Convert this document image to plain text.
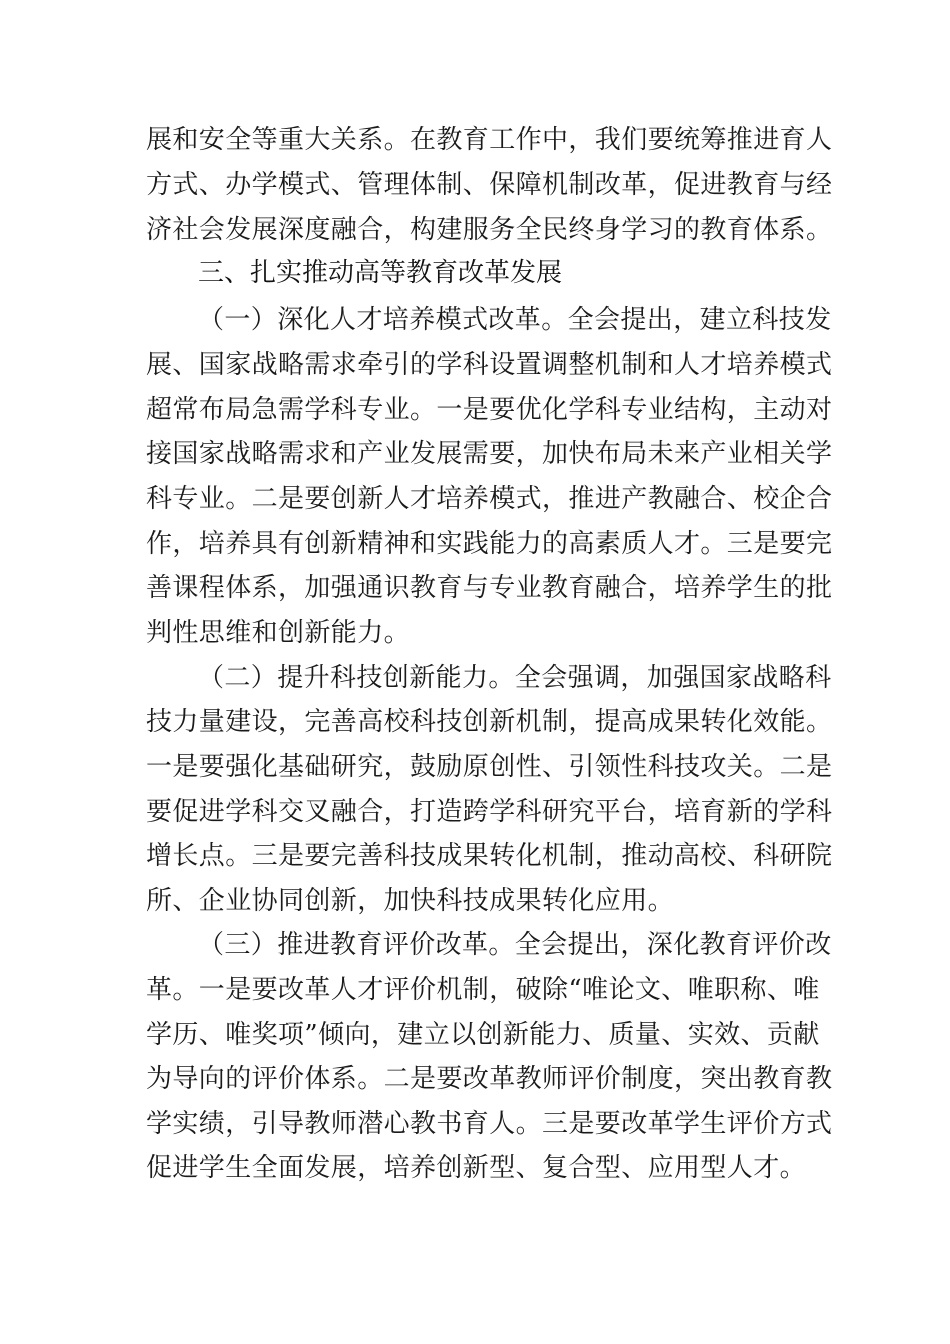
展和安全等重大关系。在教育工作中，我们要统筹推进育人
方式、办学模式、管理体制、保障机制改革，促进教育与经
济社会发展深度融合，构建服务全民终身学习的教育体系。
三、扎实推动高等教育改革发展
（一）深化人才培养模式改革。全会提出，建立科技发
展、国家战略需求牵引的学科设置调整机制和人才培养模式
超常布局急需学科专业。一是要优化学科专业结构，主动对
接国家战略需求和产业发展需要，加快布局未来产业相关学
科专业。二是要创新人才培养模式，推进产教融合、校企合
作，培养具有创新精神和实践能力的高素质人才。三是要完
善课程体系，加强通识教育与专业教育融合，培养学生的批
判性思维和创新能力。
（二）提升科技创新能力。全会强调，加强国家战略科
技力量建设，完善高校科技创新机制，提高成果转化效能。
一是要强化基础研究，鼓励原创性、引领性科技攻关。二是
要促进学科交叉融合，打造跨学科研究平台，培育新的学科
增长点。三是要完善科技成果转化机制，推动高校、科研院
所、企业协同创新，加快科技成果转化应用。
（三）推进教育评价改革。全会提出，深化教育评价改
革。一是要改革人才评价机制，破除“唯论文、唯职称、唯
学历、唯奖项”倾向，建立以创新能力、质量、实效、贡献
为导向的评价体系。二是要改革教师评价制度，突出教育教
学实绩，引导教师潜心教书育人。三是要改革学生评价方式
促进学生全面发展，培养创新型、复合型、应用型人才。
